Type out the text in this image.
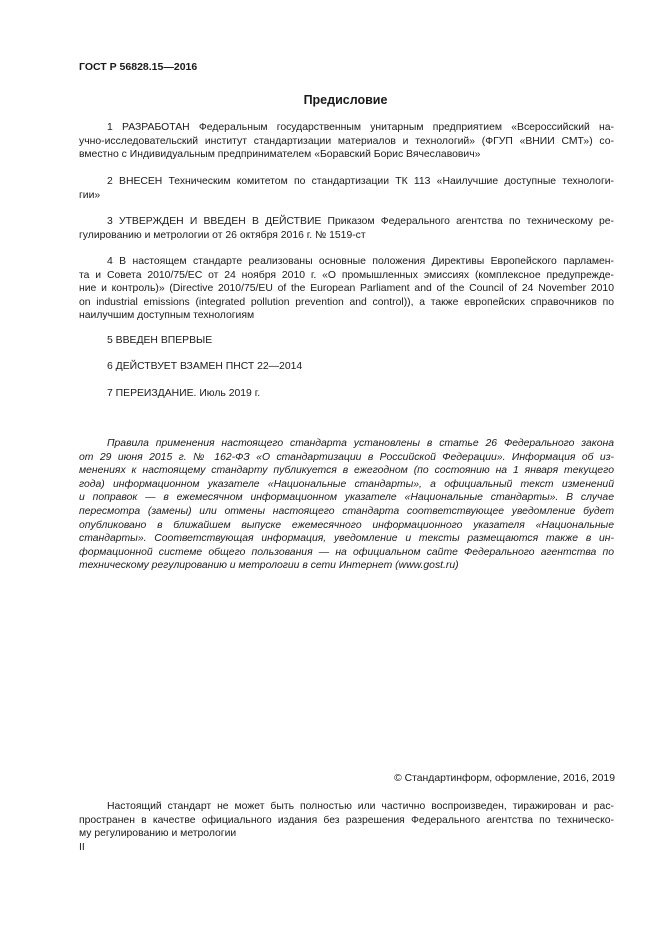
ГОСТ Р 56828.15—2016
Предисловие
1 РАЗРАБОТАН Федеральным государственным унитарным предприятием «Всероссийский на-
учно-исследовательский институт стандартизации материалов и технологий» (ФГУП «ВНИИ СМТ») со-
вместно с Индивидуальным предпринимателем «Боравский Борис Вячеславович»
2 ВНЕСЕН Техническим комитетом по стандартизации ТК 113 «Наилучшие доступные технологи-
гии»
3 УТВЕРЖДЕН И ВВЕДЕН В ДЕЙСТВИЕ Приказом Федерального агентства по техническому ре-
гулированию и метрологии от 26 октября 2016 г. № 1519-ст
4 В настоящем стандарте реализованы основные положения Директивы Европейского парламен-
та и Совета 2010/75/ЕС от 24 ноября 2010 г. «О промышленных эмиссиях (комплексное предупрежде-
ние и контроль)» (Directive 2010/75/EU of the European Parliament and of the Council of 24 November 2010
on industrial emissions (integrated pollution prevention and control)), а также европейских справочников по
наилучшим доступным технологиям
5 ВВЕДЕН ВПЕРВЫЕ
6 ДЕЙСТВУЕТ ВЗАМЕН ПНСТ 22—2014
7 ПЕРЕИЗДАНИЕ. Июль 2019 г.
Правила применения настоящего стандарта установлены в статье 26 Федерального закона
от 29 июня 2015 г. № 162-ФЗ «О стандартизации в Российской Федерации». Информация об из-
менениях к настоящему стандарту публикуется в ежегодном (по состоянию на 1 января текущего
года) информационном указателе «Национальные стандарты», а официальный текст изменений
и поправок — в ежемесячном информационном указателе «Национальные стандарты». В случае
пересмотра (замены) или отмены настоящего стандарта соответствующее уведомление будет
опубликовано в ближайшем выпуске ежемесячного информационного указателя «Национальные
стандарты». Соответствующая информация, уведомление и тексты размещаются также в ин-
формационной системе общего пользования — на официальном сайте Федерального агентства по
техническому регулированию и метрологии в сети Интернет (www.gost.ru)
© Стандартинформ, оформление, 2016, 2019
Настоящий стандарт не может быть полностью или частично воспроизведен, тиражирован и рас-
пространен в качестве официального издания без разрешения Федерального агентства по техническо-
му регулированию и метрологии
II
